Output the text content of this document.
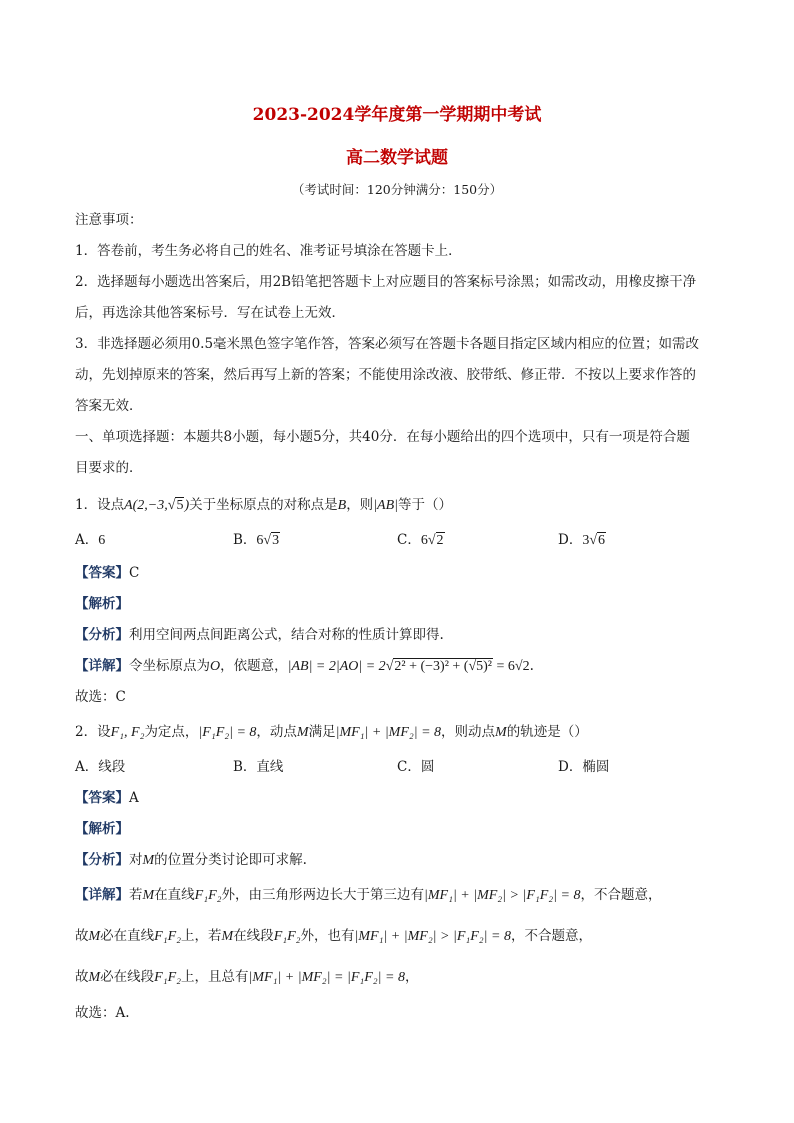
2023-2024学年度第一学期期中考试
高二数学试题
（考试时间：120分钟满分：150分）
注意事项：
1．答卷前，考生务必将自己的姓名、准考证号填涂在答题卡上．
2．选择题每小题选出答案后，用2B铅笔把答题卡上对应题目的答案标号涂黑；如需改动，用橡皮擦干净
后，再选涂其他答案标号．写在试卷上无效．
3．非选择题必须用0.5毫米黑色签字笔作答，答案必须写在答题卡各题目指定区域内相应的位置；如需改
动，先划掉原来的答案，然后再写上新的答案；不能使用涂改液、胶带纸、修正带．不按以上要求作答的
答案无效．
一、单项选择题：本题共8小题，每小题5分，共40分．在每小题给出的四个选项中，只有一项是符合题
目要求的．
1．设点A(2,−3,√5)关于坐标原点的对称点是B，则|AB|等于（）
A．6	B．6√3	C．6√2	D．3√6
【答案】C
【解析】
【分析】利用空间两点间距离公式，结合对称的性质计算即得.
【详解】令坐标原点为O，依题意，|AB| = 2|AO| = 2√2² + (−3)² + (√5)² = 6√2.
故选：C
2．设F₁, F₂为定点，|F₁F₂| = 8，动点M满足|MF₁| + |MF₂| = 8，则动点M的轨迹是（）
A．线段	B．直线	C．圆	D．椭圆
【答案】A
【解析】
【分析】对M的位置分类讨论即可求解.
【详解】若M在直线F₁F₂外，由三角形两边长大于第三边有|MF₁| + |MF₂| > |F₁F₂| = 8，不合题意，
故M必在直线F₁F₂上，若M在线段F₁F₂外，也有|MF₁| + |MF₂| > |F₁F₂| = 8，不合题意，
故M必在线段F₁F₂上，且总有|MF₁| + |MF₂| = |F₁F₂| = 8，
故选：A.
